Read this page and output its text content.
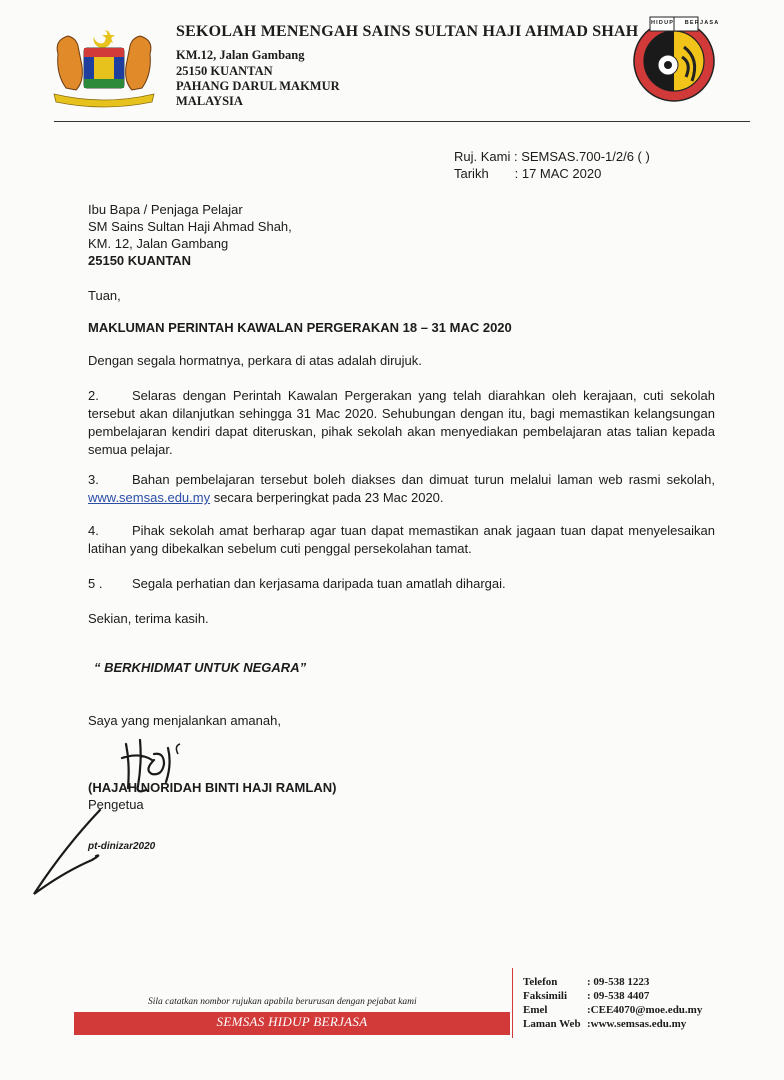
HIDUP BERJASA
SEKOLAH MENENGAH SAINS SULTAN HAJI AHMAD SHAH
KM.12, Jalan Gambang
25150 KUANTAN
PAHANG DARUL MAKMUR
MALAYSIA
Ruj. Kami : SEMSAS.700-1/2/6 ( )
Tarikh : 17 MAC 2020
Ibu Bapa / Penjaga Pelajar
SM Sains Sultan Haji Ahmad Shah,
KM. 12, Jalan Gambang
25150 KUANTAN
Tuan,
MAKLUMAN PERINTAH KAWALAN PERGERAKAN 18 – 31 MAC 2020
Dengan segala hormatnya, perkara di atas adalah dirujuk.
2.	Selaras dengan Perintah Kawalan Pergerakan yang telah diarahkan oleh kerajaan, cuti sekolah tersebut akan dilanjutkan sehingga 31 Mac 2020. Sehubungan dengan itu, bagi memastikan kelangsungan pembelajaran kendiri dapat diteruskan, pihak sekolah akan menyediakan pembelajaran atas talian kepada semua pelajar.
3.	Bahan pembelajaran tersebut boleh diakses dan dimuat turun melalui laman web rasmi sekolah, www.semsas.edu.my secara berperingkat pada 23 Mac 2020.
4.	Pihak sekolah amat berharap agar tuan dapat memastikan anak jagaan tuan dapat menyelesaikan latihan yang dibekalkan sebelum cuti penggal persekolahan tamat.
5 . Segala perhatian dan kerjasama daripada tuan amatlah dihargai.
Sekian, terima kasih.
“ BERKHIDMAT UNTUK NEGARA”
Saya yang menjalankan amanah,
(HAJAH NORIDAH BINTI HAJI RAMLAN)
Pengetua
pt-dinizar2020
Sila catatkan nombor rujukan apabila berurusan dengan pejabat kami
SEMSAS HIDUP BERJASA
Telefon	: 09-538 1223
Faksimili : 09-538 4407
Emel	:CEE4070@moe.edu.my
Laman Web :www.semsas.edu.my
